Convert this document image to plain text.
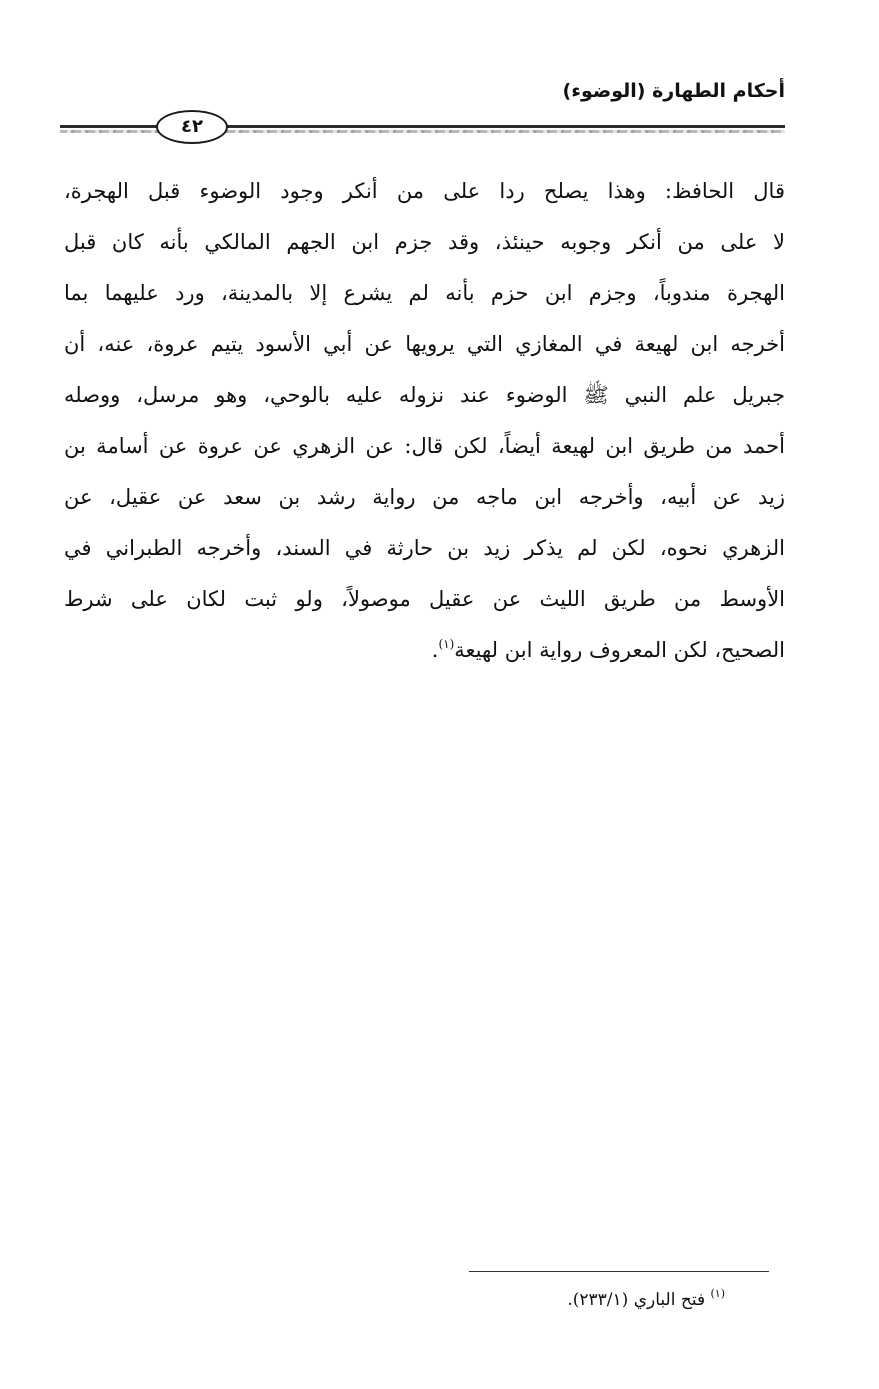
أحكام الطهارة (الوضوء)
٤٢
قال الحافظ: وهذا يصلح ردا على من أنكر وجود الوضوء قبل الهجرة،
لا على من أنكر وجوبه حينئذ، وقد جزم ابن الجهم المالكي بأنه كان قبل
الهجرة مندوباً، وجزم ابن حزم بأنه لم يشرع إلا بالمدينة، ورد عليهما بما
أخرجه ابن لهيعة في المغازي التي يرويها عن أبي الأسود يتيم عروة، عنه، أن
جبريل علم النبي ﷺ الوضوء عند نزوله عليه بالوحي، وهو مرسل، ووصله
أحمد من طريق ابن لهيعة أيضاً، لكن قال: عن الزهري عن عروة عن أسامة بن
زيد عن أبيه، وأخرجه ابن ماجه من رواية رشد بن سعد عن عقيل، عن
الزهري نحوه، لكن لم يذكر زيد بن حارثة في السند، وأخرجه الطبراني في
الأوسط من طريق الليث عن عقيل موصولاً، ولو ثبت لكان على شرط
الصحيح، لكن المعروف رواية ابن لهيعة$^{(١)}$.
$^{(١)}$ فتح الباري (٢٣٣/١).
